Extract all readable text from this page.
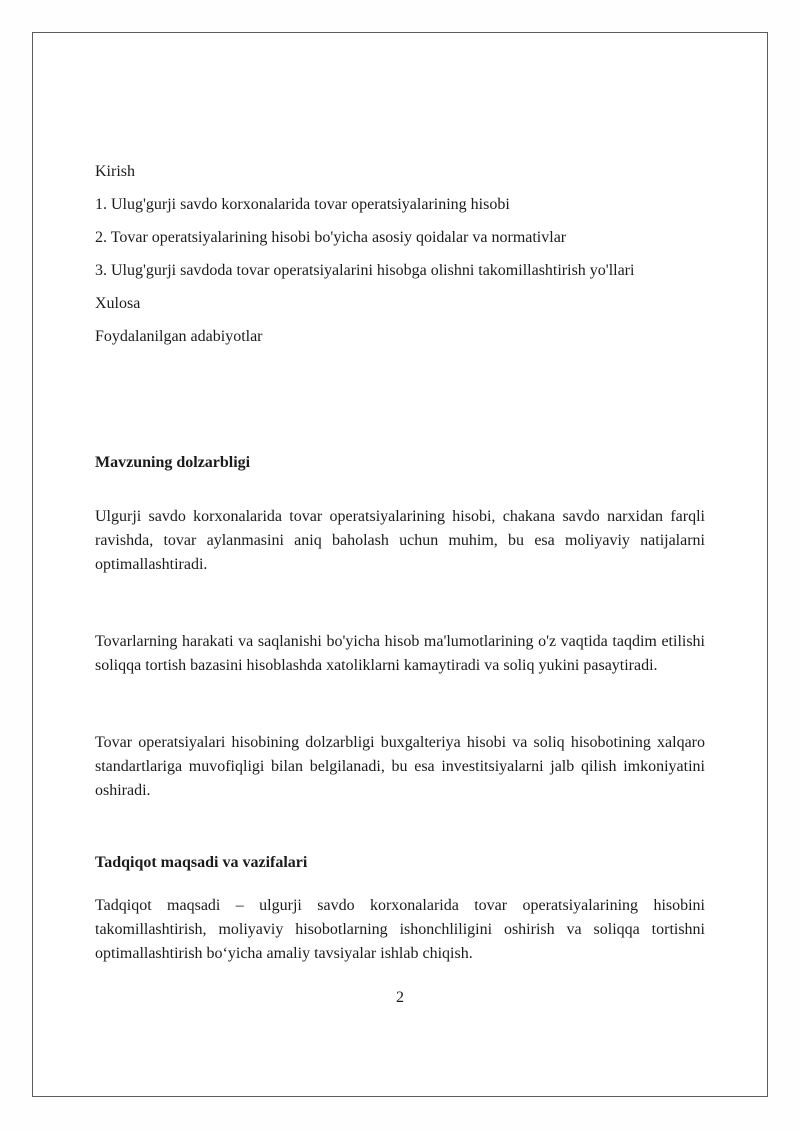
Kirish

1. Ulug'gurji savdo korxonalarida tovar operatsiyalarining hisobi

2. Tovar operatsiyalarining hisobi bo'yicha asosiy qoidalar va normativlar

3. Ulug'gurji savdoda tovar operatsiyalarini hisobga olishni takomillashtirish yo'llari

Xulosa

Foydalanilgan adabiyotlar

Mavzuning dolzarbligi

Ulgurji savdo korxonalarida tovar operatsiyalarining hisobi, chakana savdo narxidan farqli ravishda, tovar aylanmasini aniq baholash uchun muhim, bu esa moliyaviy natijalarni optimallashtiradi.

Tovarlarning harakati va saqlanishi bo'yicha hisob ma'lumotlarining o'z vaqtida taqdim etilishi soliqqa tortish bazasini hisoblashda xatoliklarni kamaytiradi va soliq yukini pasaytiradi.

Tovar operatsiyalari hisobining dolzarbligi buxgalteriya hisobi va soliq hisobotining xalqaro standartlariga muvofiqligi bilan belgilanadi, bu esa investitsiyalarni jalb qilish imkoniyatini oshiradi.

Tadqiqot maqsadi va vazifalari

Tadqiqot maqsadi – ulgurji savdo korxonalarida tovar operatsiyalarining hisobini takomillashtirish, moliyaviy hisobotlarning ishonchliligini oshirish va soliqqa tortishni optimallashtirish boʻyicha amaliy tavsiyalar ishlab chiqish.

2
